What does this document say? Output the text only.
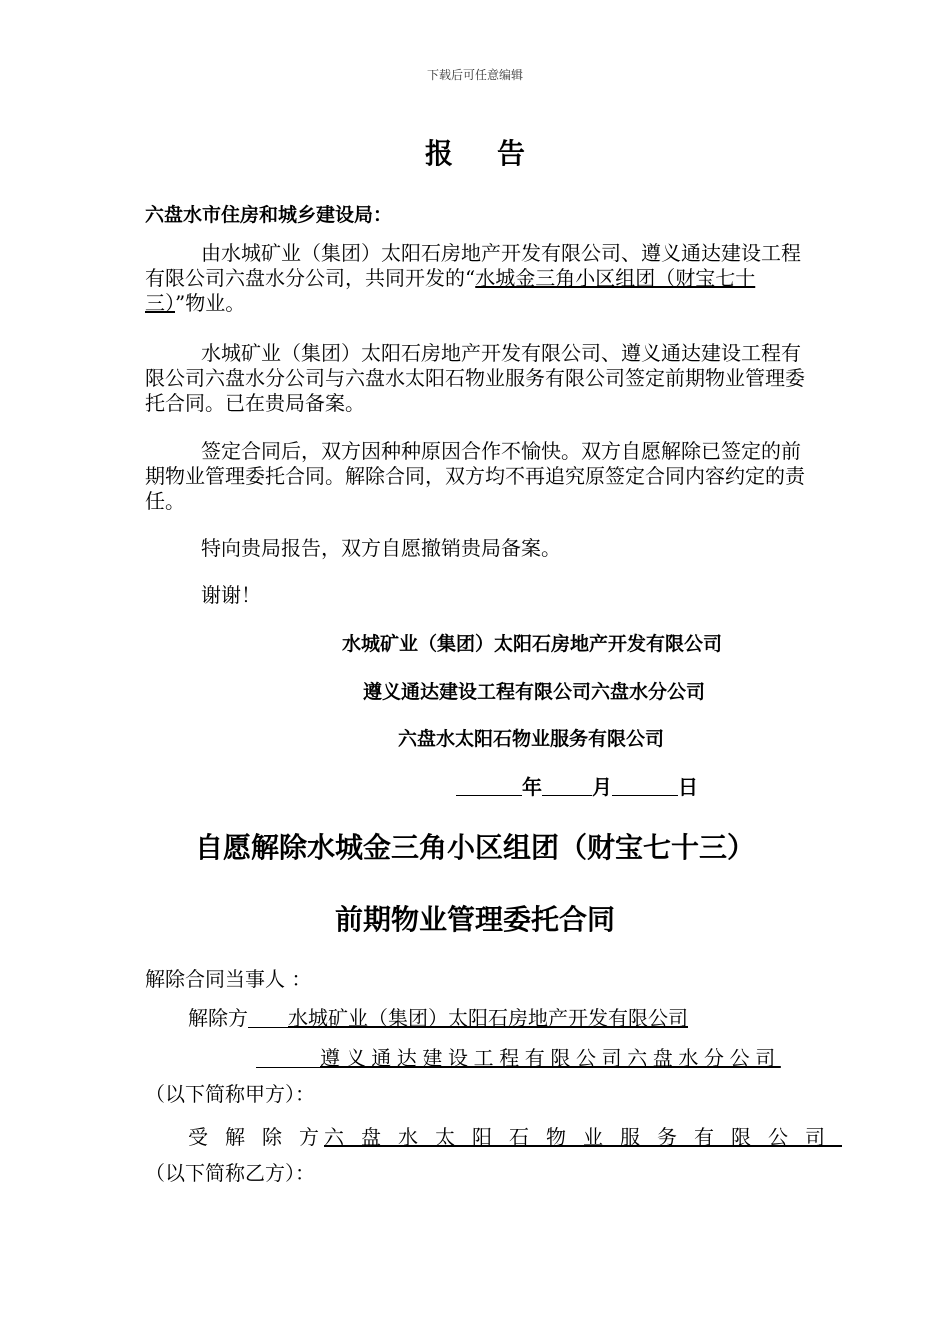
下载后可任意编辑
报告
六盘水市住房和城乡建设局：
由水城矿业（集团）太阳石房地产开发有限公司、遵义通达建设工程有限公司六盘水分公司，共同开发的“水城金三角小区组团（财宝七十三）”物业。
水城矿业（集团）太阳石房地产开发有限公司、遵义通达建设工程有限公司六盘水分公司与六盘水太阳石物业服务有限公司签定前期物业管理委托合同。已在贵局备案。
签定合同后，双方因种种原因合作不愉快。双方自愿解除已签定的前期物业管理委托合同。解除合同，双方均不再追究原签定合同内容约定的责任。
特向贵局报告，双方自愿撤销贵局备案。
谢谢！
水城矿业（集团）太阳石房地产开发有限公司
遵义通达建设工程有限公司六盘水分公司
六盘水太阳石物业服务有限公司
年	月	日
自愿解除水城金三角小区组团（财宝七十三）
前期物业管理委托合同
解除合同当事人 ：
解除方 水城矿业（集团）太阳石房地产开发有限公司
遵义通达建设工程有限公司六盘水分公司
（以下简称甲方）：
受解除方
六盘水太阳石物业服务有限公司
（以下简称乙方）：
